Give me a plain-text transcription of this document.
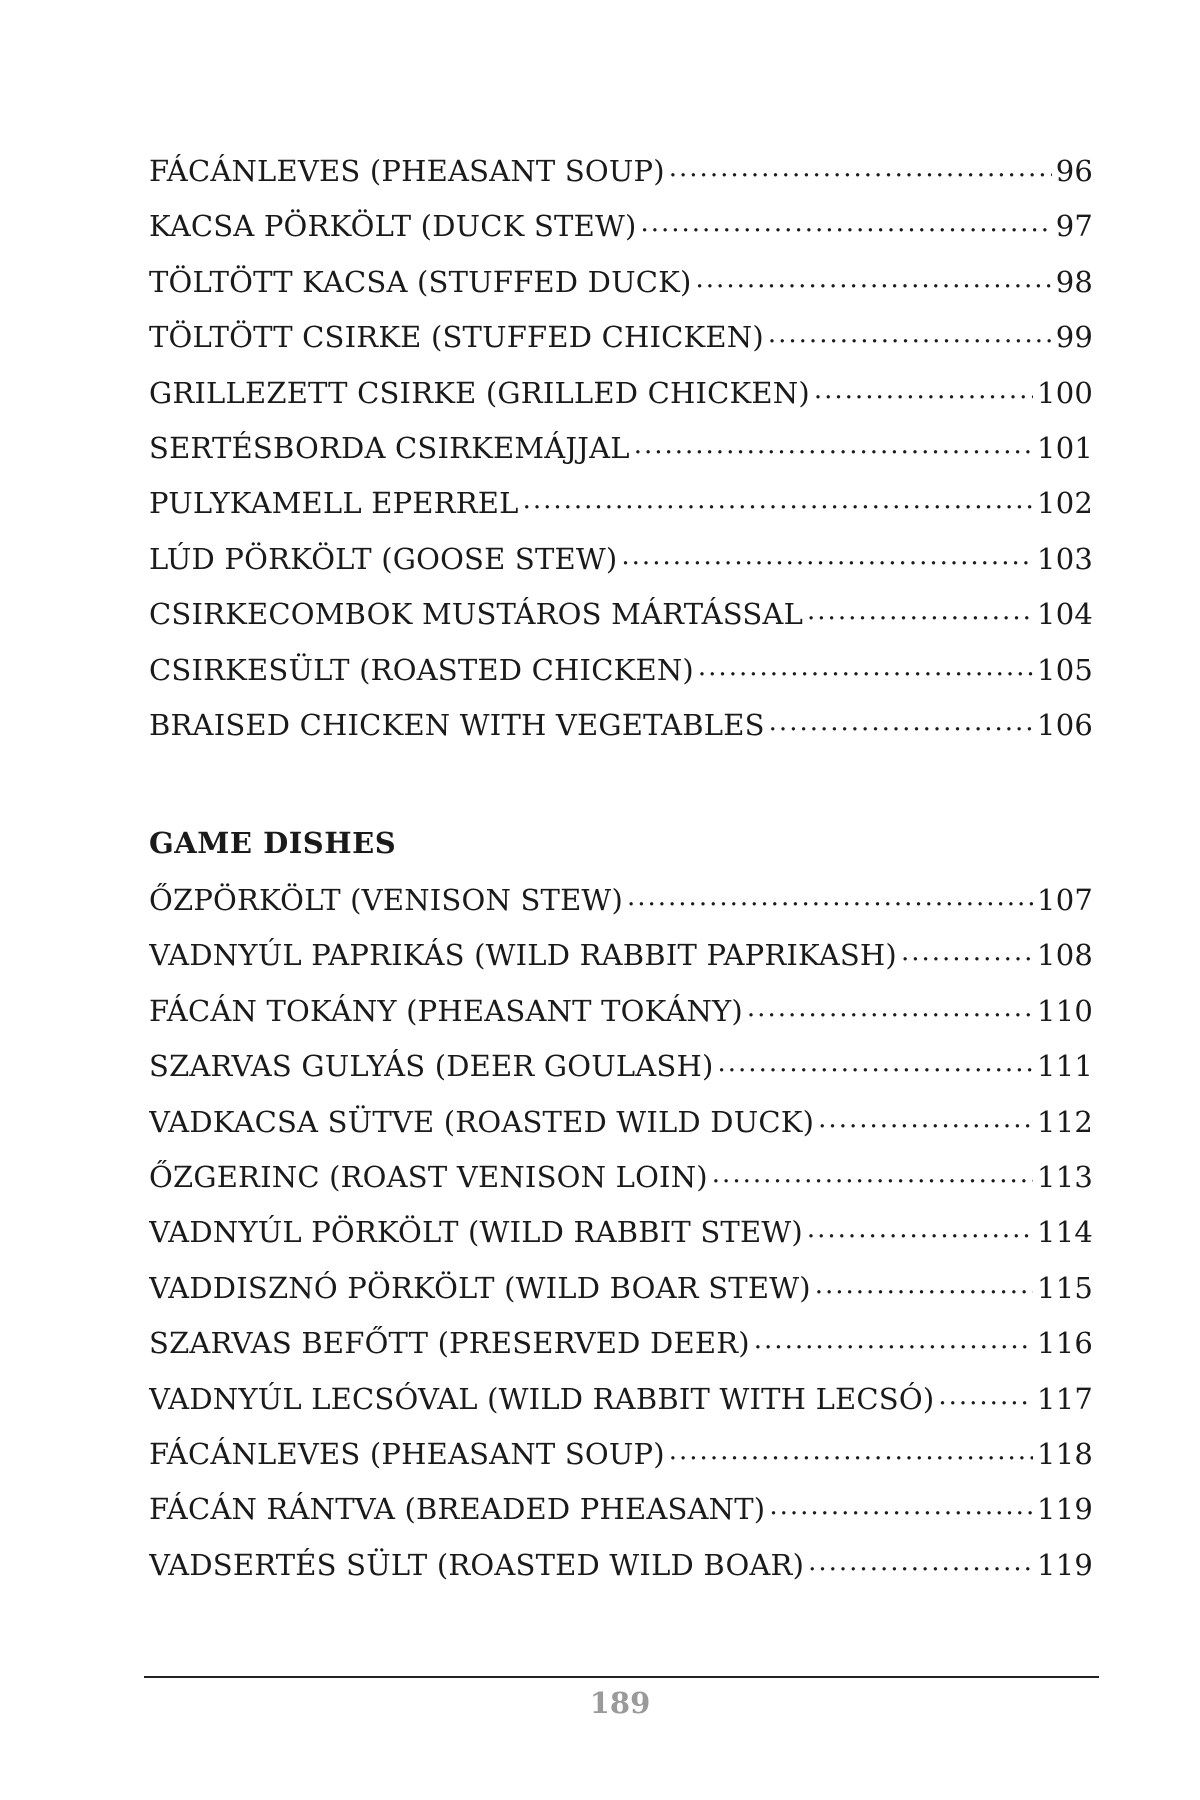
FÁCÁNLEVES (PHEASANT SOUP) .....	96
KACSA PÖRKÖLT (DUCK STEW) .....	97
TÖLTÖTT KACSA (STUFFED DUCK) .....	98
TÖLTÖTT CSIRKE (STUFFED CHICKEN) .....	99
GRILLEZETT CSIRKE (GRILLED CHICKEN) .....	100
SERTÉSBORDA CSIRKEMÁJJAL .....	101
PULYKAMELL EPERREL .....	102
LÚD PÖRKÖLT (GOOSE STEW) .....	103
CSIRKECOMBOK MUSTÁROS MÁRTÁSSAL .....	104
CSIRKESÜLT (ROASTED CHICKEN) .....	105
BRAISED CHICKEN WITH VEGETABLES .....	106
GAME DISHES
ŐZPÖRKÖLT (VENISON STEW) .....	107
VADNYÚL PAPRIKÁS (WILD RABBIT PAPRIKASH) .....	108
FÁCÁN TOKÁNY (PHEASANT TOKÁNY) .....	110
SZARVAS GULYÁS (DEER GOULASH) .....	111
VADKACSA SÜTVE (ROASTED WILD DUCK) .....	112
ŐZGERINC (ROAST VENISON LOIN) .....	113
VADNYÚL PÖRKÖLT (WILD RABBIT STEW) .....	114
VADDISZNÓ PÖRKÖLT (WILD BOAR STEW) .....	115
SZARVAS BEFŐTT (PRESERVED DEER) .....	116
VADNYÚL LECSÓVAL (WILD RABBIT WITH LECSÓ) .....	117
FÁCÁNLEVES (PHEASANT SOUP) .....	118
FÁCÁN RÁNTVA (BREADED PHEASANT) .....	119
VADSERTÉS SÜLT (ROASTED WILD BOAR) .....	119
189
